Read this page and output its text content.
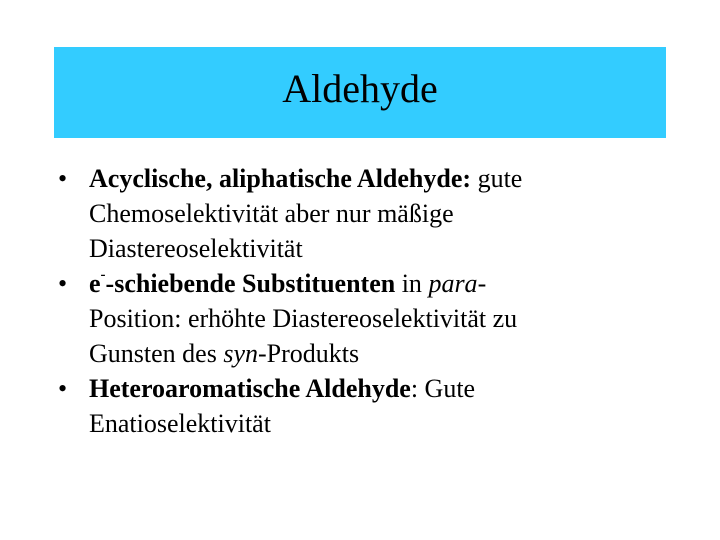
Aldehyde
• Acyclische, aliphatische Aldehyde: gute
Chemoselektivität aber nur mäßige
Diastereoselektivität
• e--schiebende Substituenten in para-
Position: erhöhte Diastereoselektivität zu
Gunsten des syn-Produkts
• Heteroaromatische Aldehyde: Gute
Enatioselektivität
